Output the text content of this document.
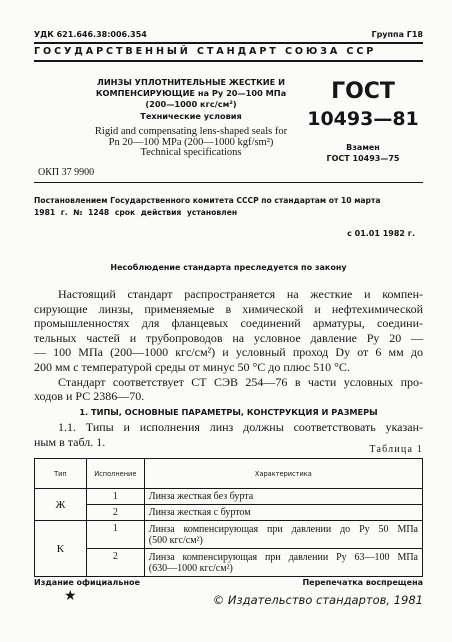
УДК 621.646.38:006.354	Группа Г18
ГОСУДАРСТВЕННЫЙ СТАНДАРТ СОЮЗА ССР
ЛИНЗЫ УПЛОТНИТЕЛЬНЫЕ ЖЕСТКИЕ И
КОМПЕНСИРУЮЩИЕ на Pу 20—100 МПа
(200—1000 кгс/см²)
Технические условия
Rigid and compensating lens-shaped seals for
Pn 20—100 MPa (200—1000 kgf/sm²)
Technical specifications
ГОСТ
10493—81
Взамен
ГОСТ 10493—75
ОКП 37 9900
Постановлением Государственного комитета СССР по стандартам от 10 марта
1981 г. № 1248 срок действия установлен
с 01.01 1982 г.
Несоблюдение стандарта преследуется по закону
Настоящий стандарт распространяется на жесткие и компен-
сирующие линзы, применяемые в химической и нефтехимической
промышленностях для фланцевых соединений арматуры, соедини-
тельных частей и трубопроводов на условное давление Pу 20 —
— 100 МПа (200—1000 кгс/см²) и условный проход Dу от 6 мм до
200 мм с температурой среды от минус 50 °С до плюс 510 °С.
Стандарт соответствует СТ СЭВ 254—76 в части условных про-
ходов и РС 2386—70.
1. ТИПЫ, ОСНОВНЫЕ ПАРАМЕТРЫ, КОНСТРУКЦИЯ И РАЗМЕРЫ
1.1. Типы и исполнения линз должны соответствовать указан-
ным в табл. 1.
Таблица 1
Тип	Исполнение	Характеристика
Ж	1	Линза жесткая без бурта
	2	Линза жесткая с буртом
К	1	Линза компенсирующая при давлении до Pу 50 МПа
(500 кгс/см²)

	2	Линза компенсирующая при давлении Pу 63—100 МПа
(630—1000 кгс/см²)
Издание официальное
★
Перепечатка воспрещена
© Издательство стандартов, 1981
